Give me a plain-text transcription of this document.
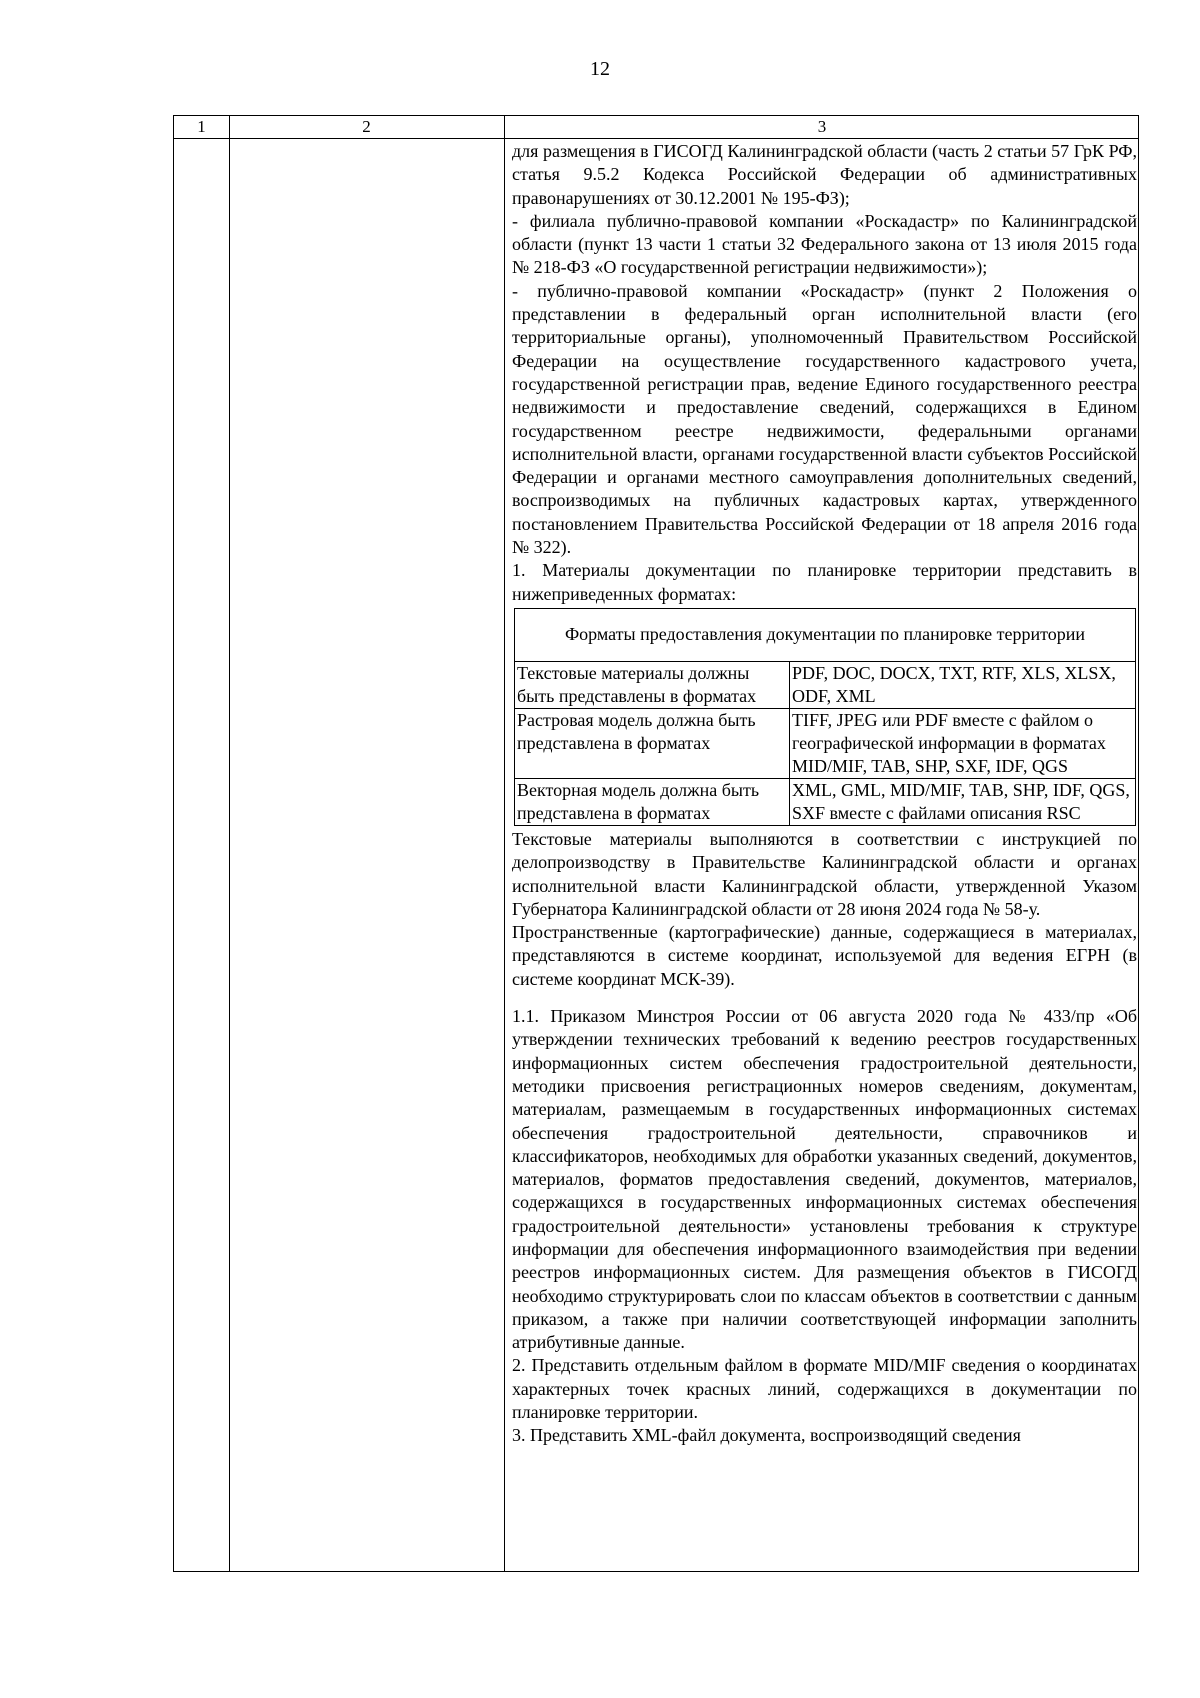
12
1	2	3

для размещения в ГИСОГД Калининградской области (часть 2 статьи 57 ГрК РФ, статья 9.5.2 Кодекса Российской Федерации об административных правонарушениях от 30.12.2001 № 195-ФЗ);

- филиала публично-правовой компании «Роскадастр» по Калининградской области (пункт 13 части 1 статьи 32 Федерального закона от 13 июля 2015 года № 218-ФЗ «О государственной регистрации недвижимости»);

- публично-правовой компании «Роскадастр» (пункт 2 Положения о представлении в федеральный орган исполнительной власти (его территориальные органы), уполномоченный Правительством Российской Федерации на осуществление государственного кадастрового учета, государственной регистрации прав, ведение Единого государственного реестра недвижимости и предоставление сведений, содержащихся в Едином государственном реестре недвижимости, федеральными органами исполнительной власти, органами государственной власти субъектов Российской Федерации и органами местного самоуправления дополнительных сведений, воспроизводимых на публичных кадастровых картах, утвержденного постановлением Правительства Российской Федерации от 18 апреля 2016 года № 322).

1. Материалы документации по планировке территории представить в нижеприведенных форматах:

Форматы предоставления документации по планировке территории	
Текстовые материалы должны быть представлены в форматах	PDF, DOC, DOCX, TXT, RTF, XLS, XLSX, ODF, XML
Растровая модель должна быть представлена в форматах	TIFF, JPEG или PDF вместе с файлом о географической информации в форматах MID/MIF, TAB, SHP, SXF, IDF, QGS
Векторная модель должна быть представлена в форматах	XML, GML, MID/MIF, TAB, SHP, IDF, QGS, SXF вместе с файлами описания RSC

Текстовые материалы выполняются в соответствии с инструкцией по делопроизводству в Правительстве Калининградской области и органах исполнительной власти Калининградской области, утвержденной Указом Губернатора Калининградской области от 28 июня 2024 года № 58-у.

Пространственные (картографические) данные, содержащиеся в материалах, представляются в системе координат, используемой для ведения ЕГРН (в системе координат МСК-39).

1.1. Приказом Минстроя России от 06 августа 2020 года № 433/пр «Об утверждении технических требований к ведению реестров государственных информационных систем обеспечения градостроительной деятельности, методики присвоения регистрационных номеров сведениям, документам, материалам, размещаемым в государственных информационных системах обеспечения градостроительной деятельности, справочников и классификаторов, необходимых для обработки указанных сведений, документов, материалов, форматов предоставления сведений, документов, материалов, содержащихся в государственных информационных системах обеспечения градостроительной деятельности» установлены требования к структуре информации для обеспечения информационного взаимодействия при ведении реестров информационных систем. Для размещения объектов в ГИСОГД необходимо структурировать слои по классам объектов в соответствии с данным приказом, а также при наличии соответствующей информации заполнить атрибутивные данные.

2. Представить отдельным файлом в формате MID/MIF сведения о координатах характерных точек красных линий, содержащихся в документации по планировке территории.

3. Представить XML-файл документа, воспроизводящий сведения
